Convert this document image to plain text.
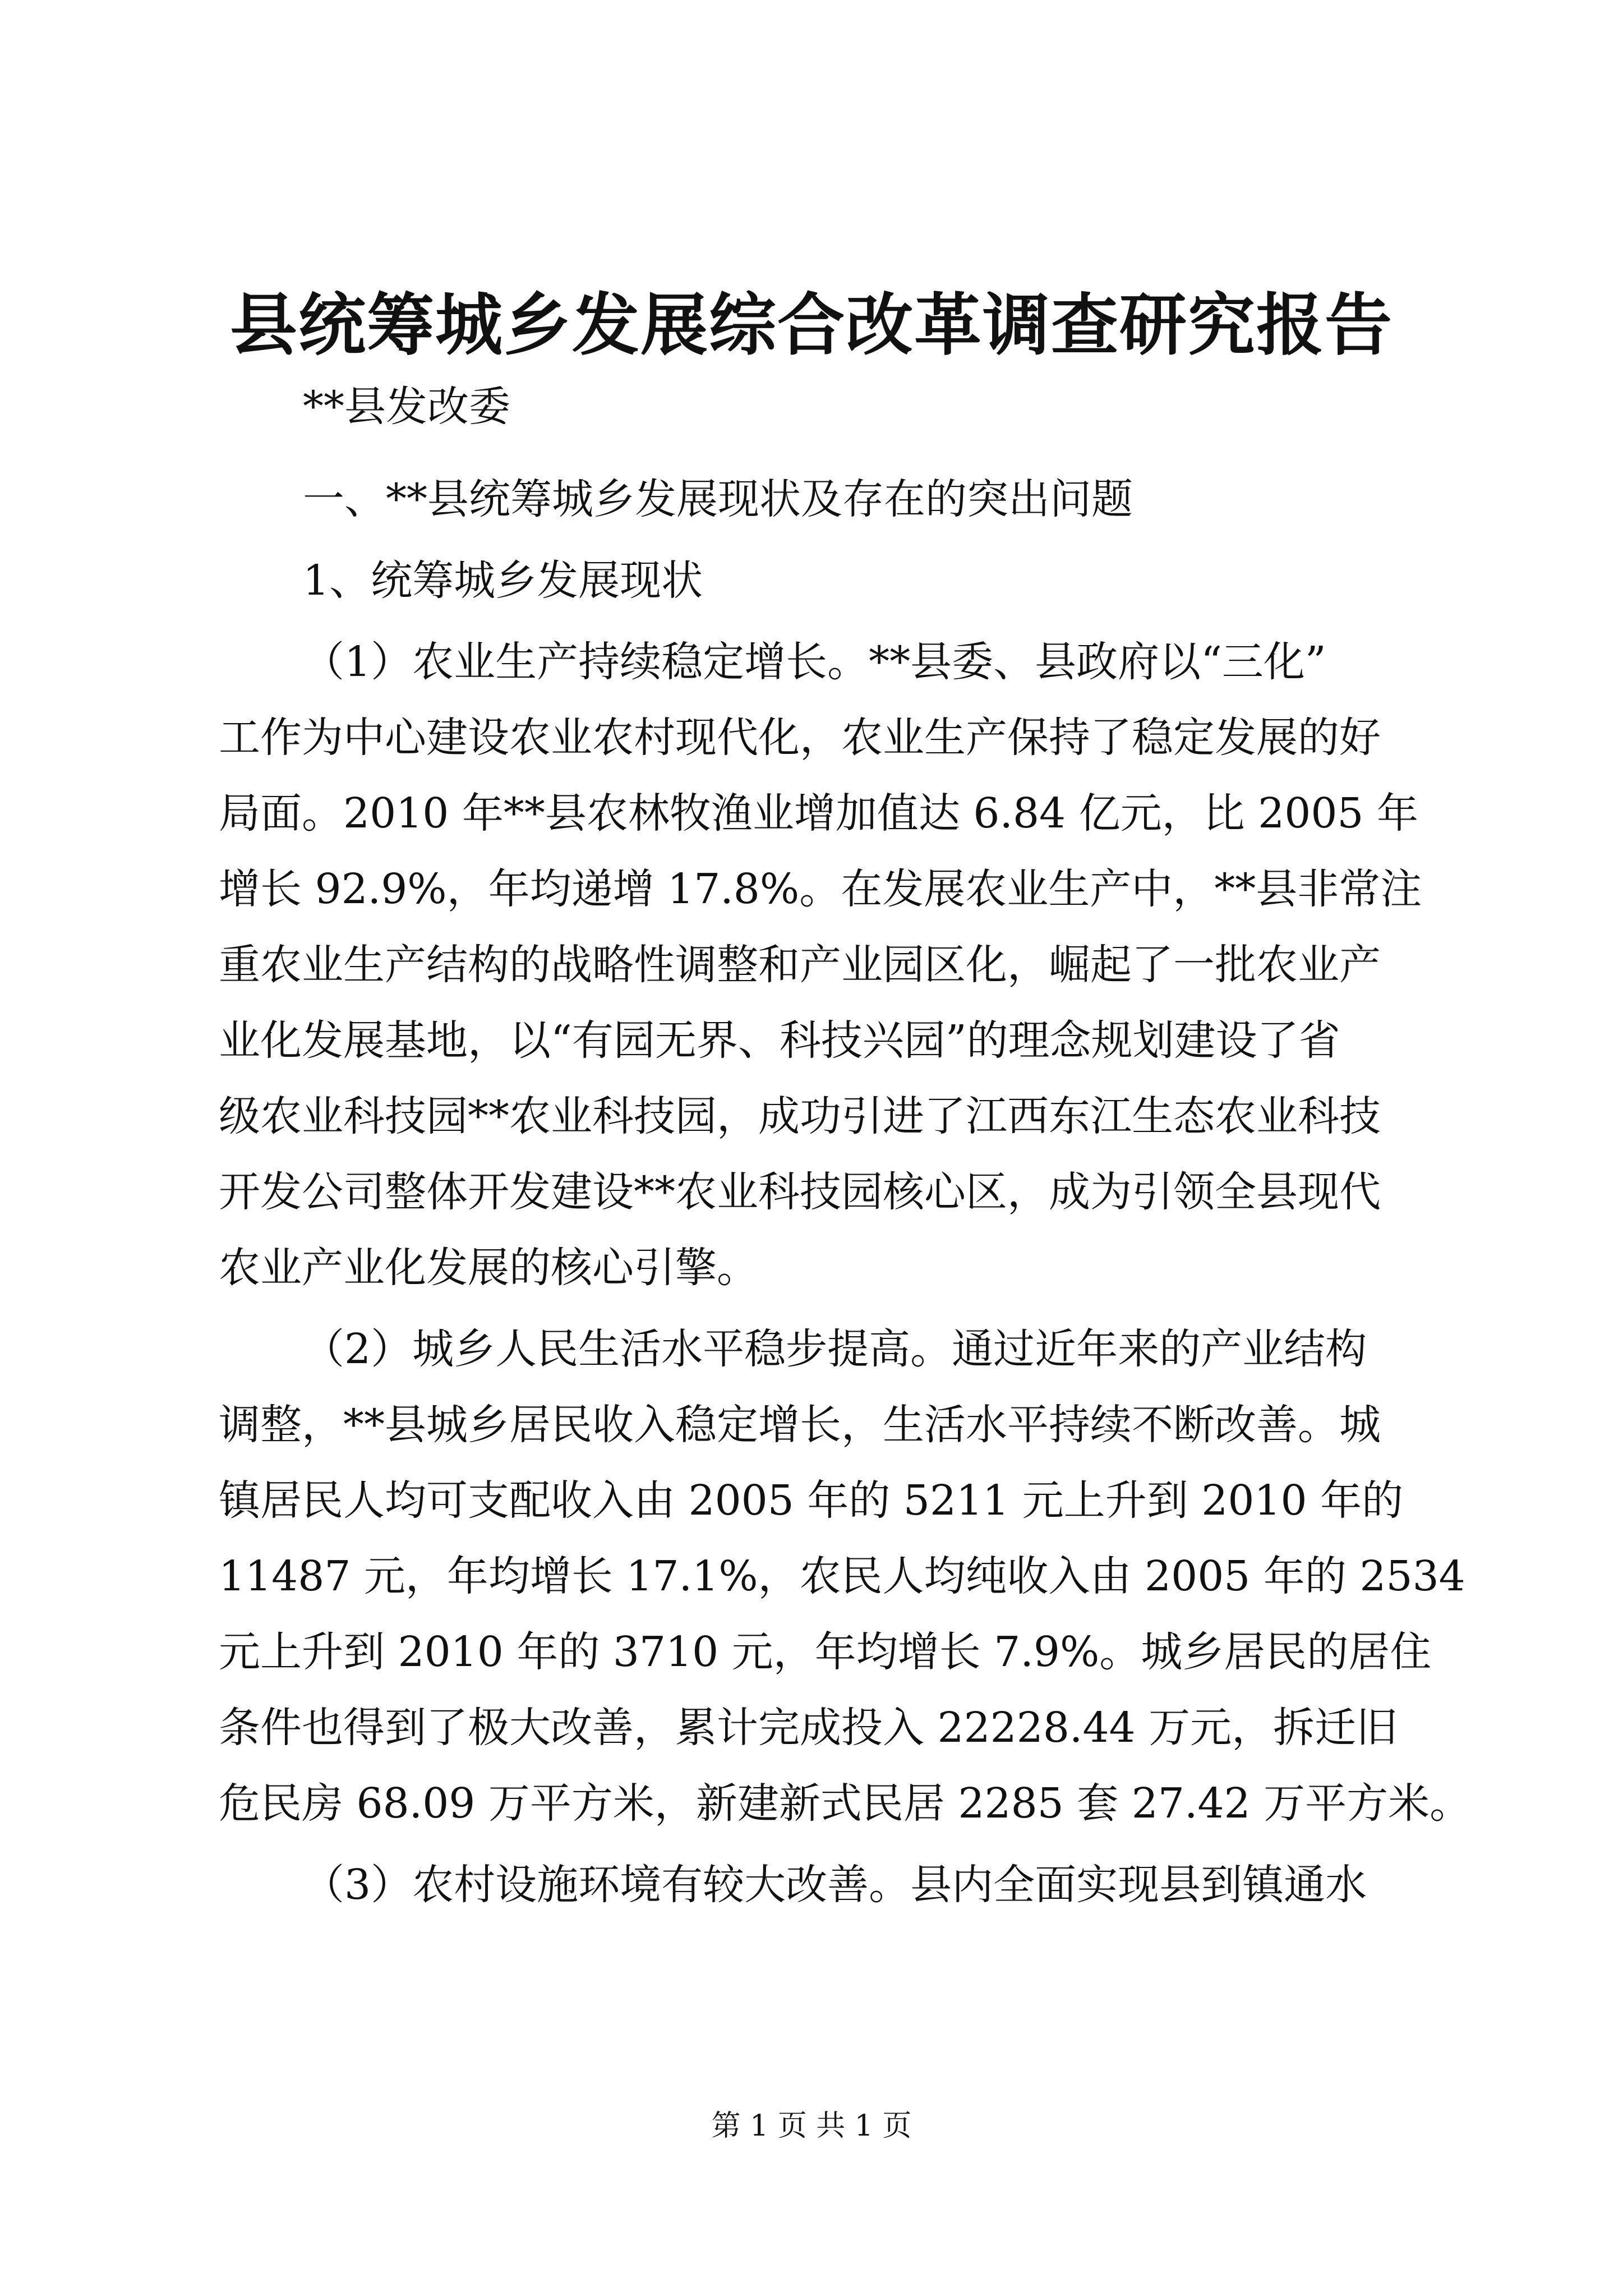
县统筹城乡发展综合改革调查研究报告

**县发改委

一、**县统筹城乡发展现状及存在的突出问题

1、统筹城乡发展现状

（1）农业生产持续稳定增长。**县委、县政府以“三化”

工作为中心建设农业农村现代化，农业生产保持了稳定发展的好

局面。2010 年**县农林牧渔业增加值达 6.84 亿元，比 2005 年

增长 92.9%，年均递增 17.8%。在发展农业生产中，**县非常注

重农业生产结构的战略性调整和产业园区化，崛起了一批农业产

业化发展基地，以“有园无界、科技兴园”的理念规划建设了省

级农业科技园**农业科技园，成功引进了江西东江生态农业科技

开发公司整体开发建设**农业科技园核心区，成为引领全县现代

农业产业化发展的核心引擎。

（2）城乡人民生活水平稳步提高。通过近年来的产业结构

调整，**县城乡居民收入稳定增长，生活水平持续不断改善。城

镇居民人均可支配收入由 2005 年的 5211 元上升到 2010 年的

11487 元，年均增长 17.1%，农民人均纯收入由 2005 年的 2534

元上升到 2010 年的 3710 元，年均增长 7.9%。城乡居民的居住

条件也得到了极大改善，累计完成投入 22228.44 万元，拆迁旧

危民房 68.09 万平方米，新建新式民居 2285 套 27.42 万平方米。

（3）农村设施环境有较大改善。县内全面实现县到镇通水

第 1 页 共 1 页
